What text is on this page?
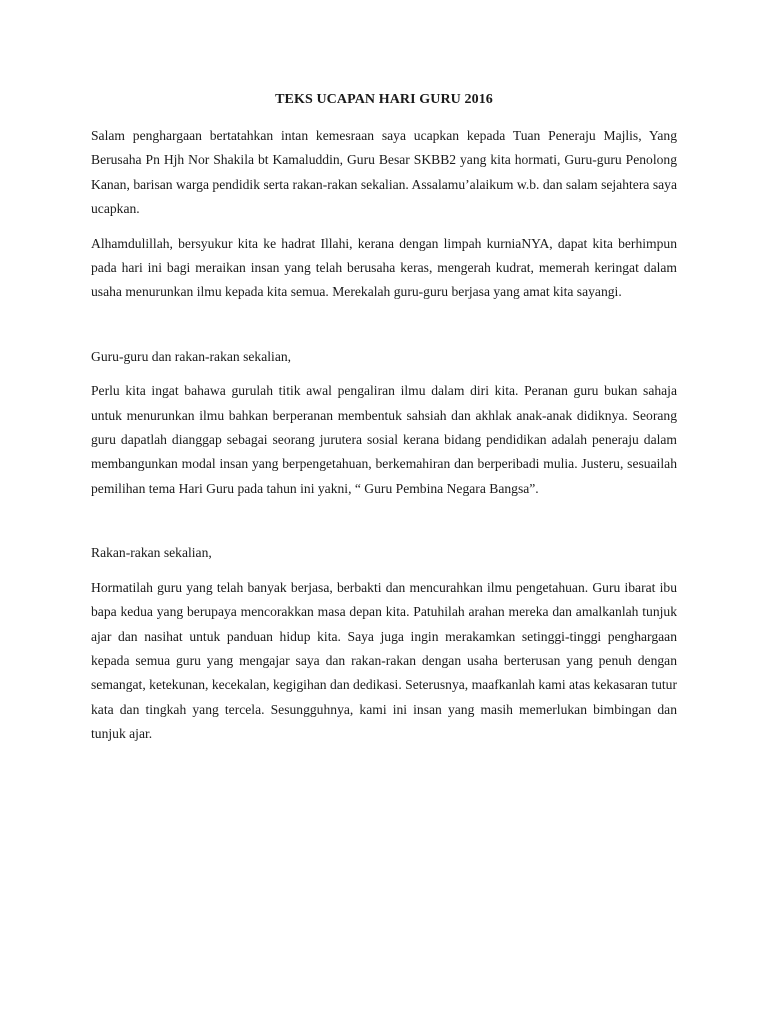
TEKS UCAPAN HARI GURU 2016

Salam penghargaan bertatahkan intan kemesraan saya ucapkan kepada Tuan Peneraju Majlis, Yang Berusaha Pn Hjh Nor Shakila bt Kamaluddin, Guru Besar SKBB2 yang kita hormati, Guru-guru Penolong Kanan, barisan warga pendidik serta rakan-rakan sekalian. Assalamu’alaikum w.b. dan salam sejahtera saya ucapkan.

Alhamdulillah, bersyukur kita ke hadrat Illahi, kerana dengan limpah kurniaNYA, dapat kita berhimpun pada hari ini bagi meraikan insan yang telah berusaha keras, mengerah kudrat, memerah keringat dalam usaha menurunkan ilmu kepada kita semua. Merekalah guru-guru berjasa yang amat kita sayangi.

Guru-guru dan rakan-rakan sekalian,

Perlu kita ingat bahawa gurulah titik awal pengaliran ilmu dalam diri kita. Peranan guru bukan sahaja untuk menurunkan ilmu bahkan berperanan membentuk sahsiah dan akhlak anak-anak didiknya. Seorang guru dapatlah dianggap sebagai seorang jurutera sosial kerana bidang pendidikan adalah peneraju dalam membangunkan modal insan yang berpengetahuan, berkemahiran dan berperibadi mulia. Justeru, sesuailah pemilihan tema Hari Guru pada tahun ini yakni, “ Guru Pembina Negara Bangsa”.

Rakan-rakan sekalian,

Hormatilah guru yang telah banyak berjasa, berbakti dan mencurahkan ilmu pengetahuan. Guru ibarat ibu bapa kedua yang berupaya mencorakkan masa depan kita. Patuhilah arahan mereka dan amalkanlah tunjuk ajar dan nasihat untuk panduan hidup kita. Saya juga ingin merakamkan setinggi-tinggi penghargaan kepada semua guru yang mengajar saya dan rakan-rakan dengan usaha berterusan yang penuh dengan semangat, ketekunan, kecekalan, kegigihan dan dedikasi. Seterusnya, maafkanlah kami atas kekasaran tutur kata dan tingkah yang tercela. Sesungguhnya, kami ini insan yang masih memerlukan bimbingan dan tunjuk ajar.
